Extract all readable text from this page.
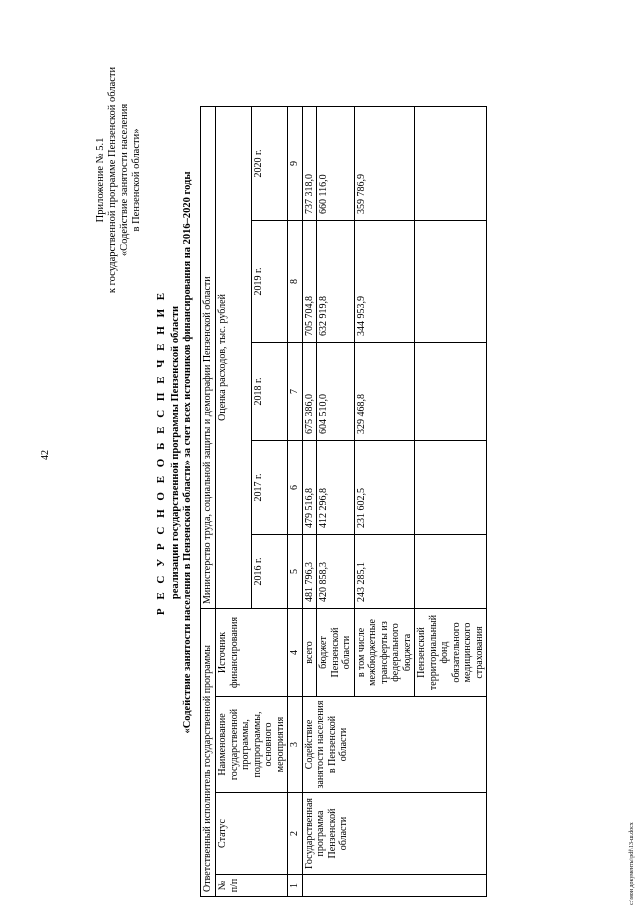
42
Приложение № 5.1 к государственной программе Пензенской области «Содействие занятости населения в Пензенской области»
Р Е С У Р С Н О Е О Б Е С П Е Ч Е Н И Е реализации государственной программы Пензенской области «Содействие занятости населения в Пензенской области» за счет всех источников финансирования на 2016–2020 годы
Ответственный исполнитель государственной программы				Министерство труда, социальной защиты и демографии Пензенской области				
№ п/п	Статус	Наименование государственной программы, подпрограммы, основного мероприятия	Источник финансирования	Оценка расходов, тыс. рублей				
				2016 г.	2017 г.	2018 г.	2019 г.	2020 г.
1	2	3	4	5	6	7	8	9
	Государственная программа Пензенской области	Содействие занятости населения в Пензенской области	всего	481 796,3	479 516,8	675 386,0	705 704,8	737 318,0
			бюджет Пензенской области	420 858,3	412 296,8	604 510,0	632 919,8	660 116,0
			в том числе межбюджетные трансферты из федерального бюджета	243 285,1	231 602,5	329 468,8	344 953,9	359 786,9
			Пензенский территориальный фонд обязательного медицинского страхования					
c:\мои документы\pdf\13-ш.docx
